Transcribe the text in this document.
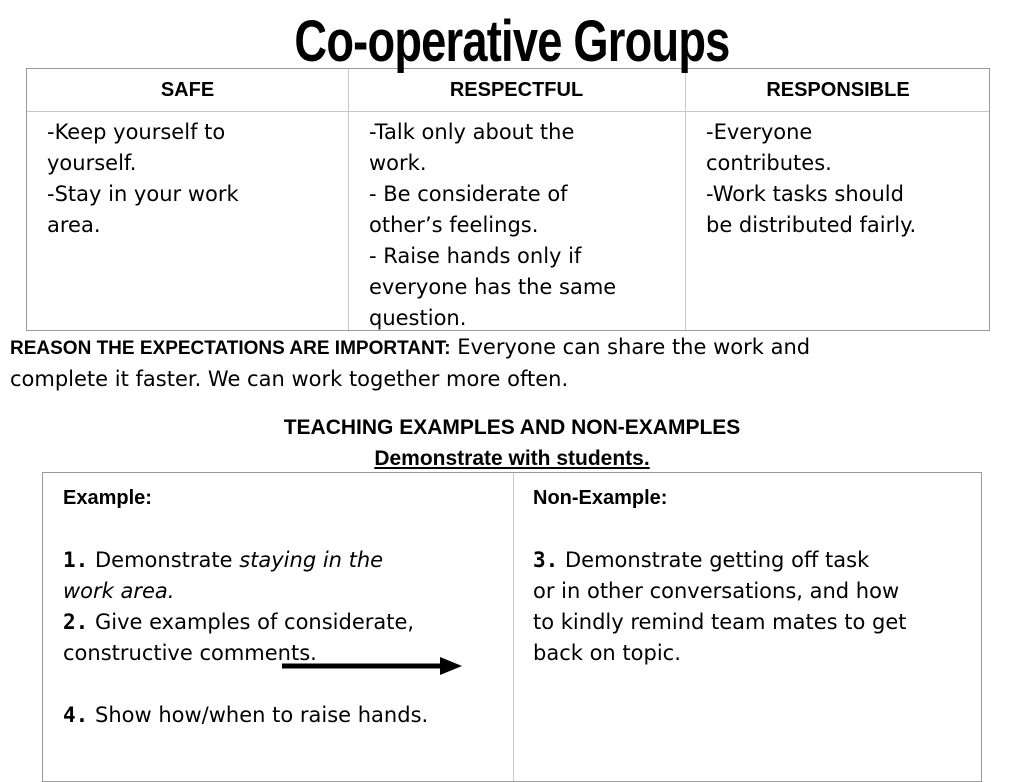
Co-operative Groups
SAFE	RESPECTFUL	RESPONSIBLE
-Keep yourself to
yourself.
-Stay in your work
area.
-Talk only about the
work.
- Be considerate of
other’s feelings.
- Raise hands only if
everyone has the same
question.
-Everyone
contributes.
-Work tasks should
be distributed fairly.
REASON THE EXPECTATIONS ARE IMPORTANT: Everyone can share the work and
complete it faster. We can work together more often.
TEACHING EXAMPLES AND NON-EXAMPLES
Demonstrate with students.
Example:

1. Demonstrate staying in the
work area.
2. Give examples of considerate,
constructive comments.

4. Show how/when to raise hands.
Non-Example:

3. Demonstrate getting off task
or in other conversations, and how
to kindly remind team mates to get
back on topic.
